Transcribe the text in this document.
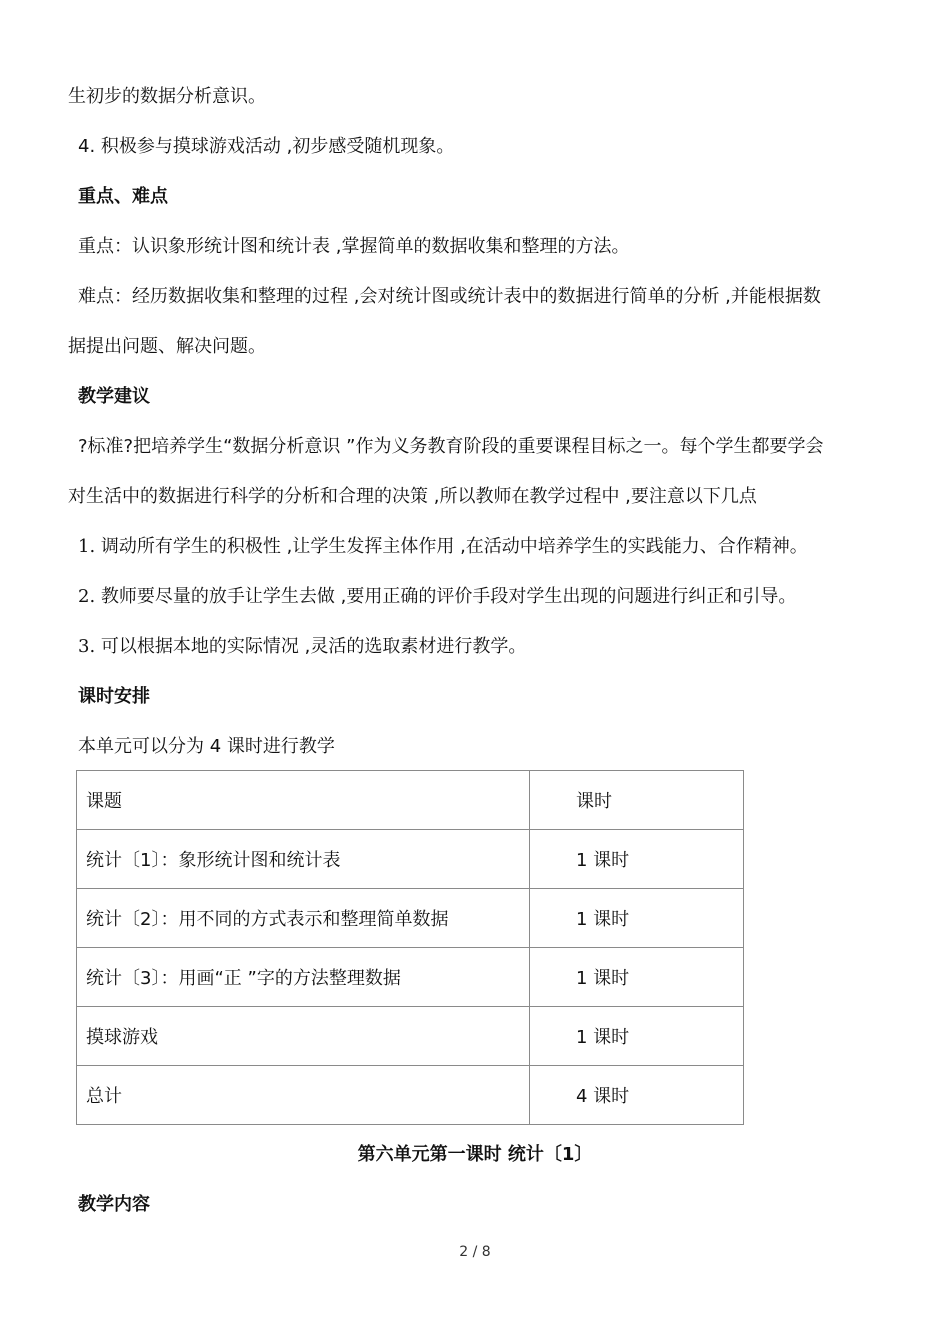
生初步的数据分析意识。
4. 积极参与摸球游戏活动 ,初步感受随机现象。
重点、难点
重点：认识象形统计图和统计表 ,掌握简单的数据收集和整理的方法。
难点：经历数据收集和整理的过程 ,会对统计图或统计表中的数据进行简单的分析 ,并能根据数
据提出问题、解决问题。
教学建议
?标准?把培养学生“数据分析意识 ”作为义务教育阶段的重要课程目标之一。每个学生都要学会
对生活中的数据进行科学的分析和合理的决策 ,所以教师在教学过程中 ,要注意以下几点
1. 调动所有学生的积极性 ,让学生发挥主体作用 ,在活动中培养学生的实践能力、合作精神。
2. 教师要尽量的放手让学生去做 ,要用正确的评价手段对学生出现的问题进行纠正和引导。
3. 可以根据本地的实际情况 ,灵活的选取素材进行教学。
课时安排
本单元可以分为 4 课时进行教学
课题	课时
统计〔1〕：象形统计图和统计表	1 课时
统计〔2〕：用不同的方式表示和整理简单数据	1 课时
统计〔3〕：用画“正 ”字的方法整理数据	1 课时
摸球游戏	1 课时
总计	4 课时
第六单元第一课时 统计〔1〕
教学内容
2 / 8
